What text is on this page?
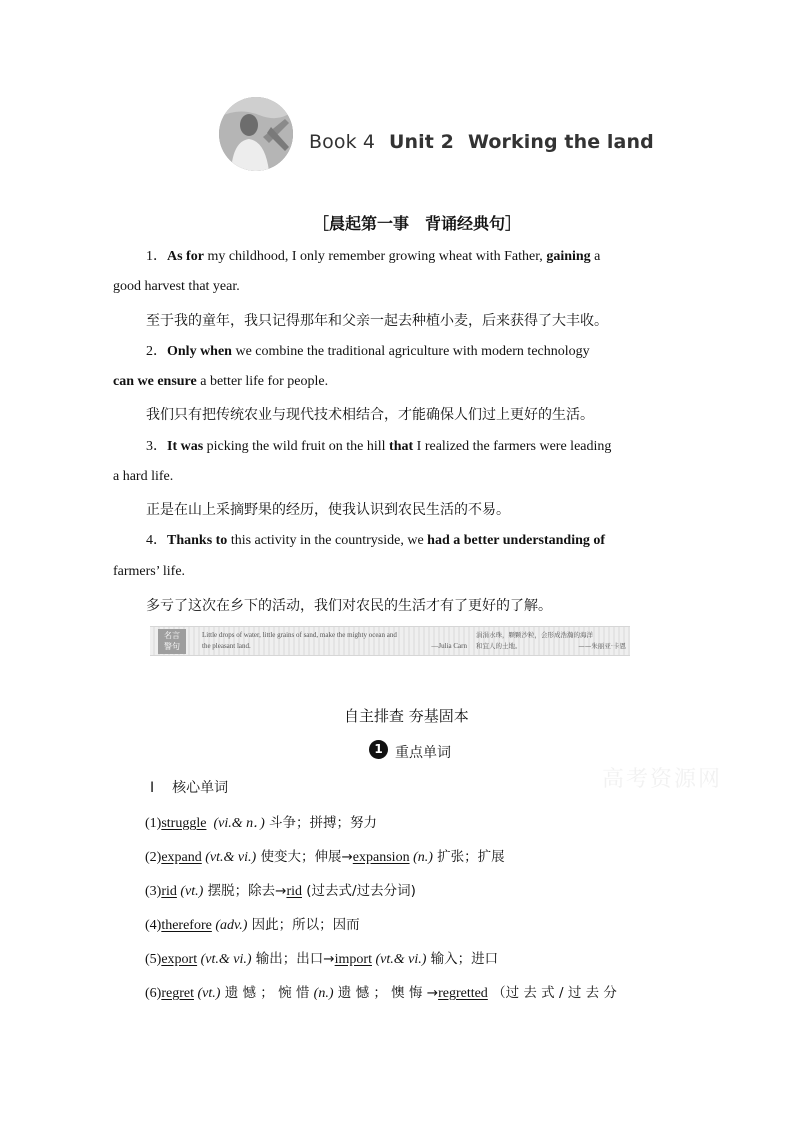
Book 4 Unit 2 Working the land
［晨起第一事　背诵经典句］
1．As for my childhood, I only remember growing wheat with Father, gaining a
good harvest that year.
至于我的童年，我只记得那年和父亲一起去种植小麦，后来获得了大丰收。
2．Only when we combine the traditional agriculture with modern technology
can we ensure a better life for people.
我们只有把传统农业与现代技术相结合，才能确保人们过上更好的生活。
3．It was picking the wild fruit on the hill that I realized the farmers were leading
a hard life.
正是在山上采摘野果的经历，使我认识到农民生活的不易。
4．Thanks to this activity in the countryside, we had a better understanding of
farmers’ life.
多亏了这次在乡下的活动，我们对农民的生活才有了更好的了解。
名言
警句
Little drops of water, little grains of sand, make the mighty ocean and
the pleasant land.	—Julia Carn
涓涓水珠，颗颗沙粒，会形成浩瀚的海洋
和宜人的土地。	——朱丽亚·卡恩
自主排查 夯基固本
1 重点单词
高考资源网
Ⅰ 核心单词
(1)struggle (vi.& n．) 斗争；拼搏；努力
(2)expand (vt.& vi.) 使变大；伸展→expansion (n.) 扩张；扩展
(3)rid (vt.) 摆脱；除去→rid (过去式/过去分词)
(4)therefore (adv.) 因此；所以；因而
(5)export (vt.& vi.) 输出；出口→import (vt.& vi.) 输入；进口
(6)regret (vt.) 遗 憾 ； 惋 惜 (n.) 遗 憾 ； 懊 悔 →regretted （过 去 式 / 过 去 分
